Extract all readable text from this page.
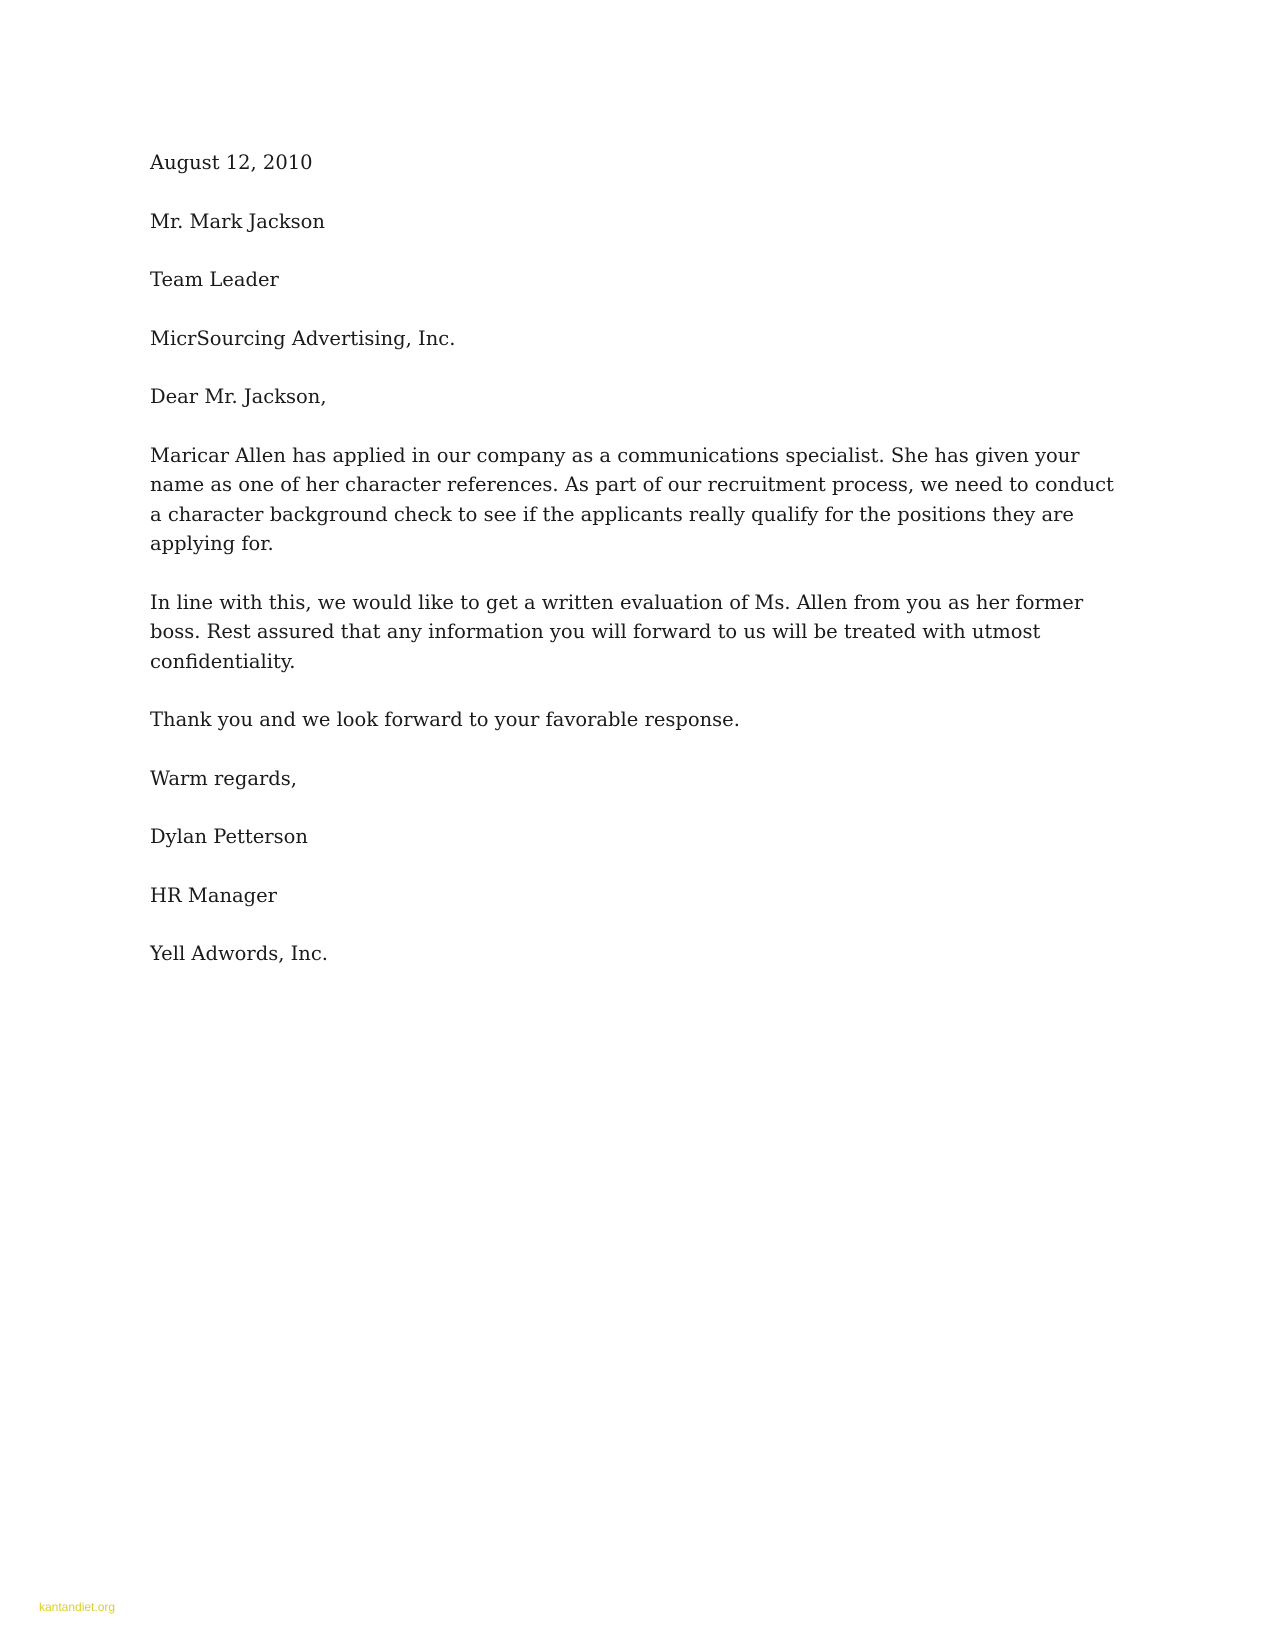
August 12, 2010
Mr. Mark Jackson
Team Leader
MicrSourcing Advertising, Inc.
Dear Mr. Jackson,
Maricar Allen has applied in our company as a communications specialist. She has given your name as one of her character references. As part of our recruitment process, we need to conduct a character background check to see if the applicants really qualify for the positions they are applying for.
In line with this, we would like to get a written evaluation of Ms. Allen from you as her former boss. Rest assured that any information you will forward to us will be treated with utmost confidentiality.
Thank you and we look forward to your favorable response.
Warm regards,
Dylan Petterson
HR Manager
Yell Adwords, Inc.
kantandiet.org
